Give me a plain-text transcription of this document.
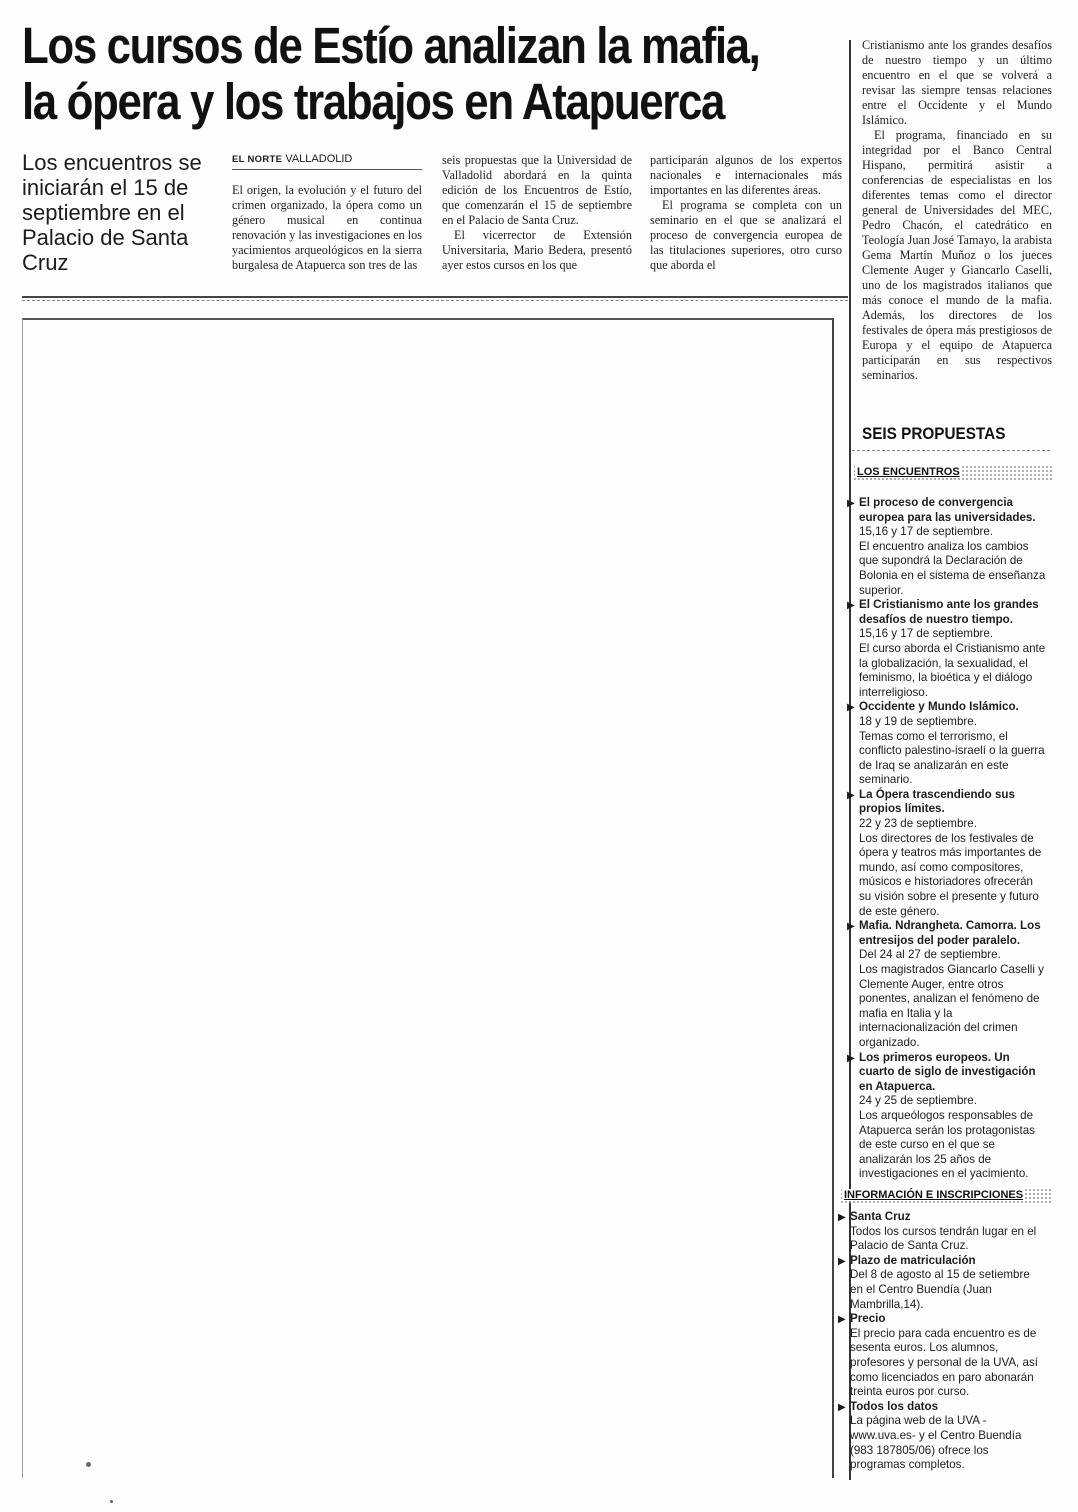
Los cursos de Estío analizan la mafia,
la ópera y los trabajos en Atapuerca
Los encuentros se iniciarán el 15 de septiembre en el Palacio de Santa Cruz
EL NORTE VALLADOLID

El origen, la evolución y el futuro del crimen organizado, la ópera como un género musical en continua renovación y las investigaciones en los yacimientos arqueológicos en la sierra burgalesa de Atapuerca son tres de las

seis propuestas que la Universidad de Valladolid abordará en la quinta edición de los Encuentros de Estío, que comenzarán el 15 de septiembre en el Palacio de Santa Cruz.

El vicerrector de Extensión Universitaria, Mario Bedera, presentó ayer estos cursos en los que

participarán algunos de los expertos nacionales e internacionales más importantes en las diferentes áreas.

El programa se completa con un seminario en el que se analizará el proceso de convergencia europea de las titulaciones superiores, otro curso que aborda el

Cristianismo ante los grandes desafíos de nuestro tiempo y un último encuentro en el que se volverá a revisar las siempre tensas relaciones entre el Occidente y el Mundo Islámico.

El programa, financiado en su integridad por el Banco Central Hispano, permitirá asistir a conferencias de especialistas en los diferentes temas como el director general de Universidades del MEC, Pedro Chacón, el catedrático en Teología Juan José Tamayo, la arabista Gema Martín Muñoz o los jueces Clemente Auger y Giancarlo Caselli, uno de los magistrados italianos que más conoce el mundo de la mafia. Además, los directores de los festivales de ópera más prestigiosos de Europa y el equipo de Atapuerca participarán en sus respectivos seminarios.

SEIS PROPUESTAS
LOS ENCUENTROS
▶ El proceso de convergencia europea para las universidades.
15,16 y 17 de septiembre.
El encuentro analiza los cambios que supondrá la Declaración de Bolonia en el sistema de enseñanza superior.
▶ El Cristianismo ante los grandes desafíos de nuestro tiempo.
15,16 y 17 de septiembre.
El curso aborda el Cristianismo ante la globalización, la sexualidad, el feminismo, la bioética y el diálogo interreligioso.
▶ Occidente y Mundo Islámico.
18 y 19 de septiembre.
Temas como el terrorismo, el conflicto palestino-israelí o la guerra de Iraq se analizarán en este seminario.
▶ La Ópera trascendiendo sus propios límites.
22 y 23 de septiembre.
Los directores de los festivales de ópera y teatros más importantes de mundo, así como compositores, músicos e historiadores ofrecerán su visión sobre el presente y futuro de este género.
▶ Mafia. Ndrangheta. Camorra. Los entresijos del poder paralelo.
Del 24 al 27 de septiembre.
Los magistrados Giancarlo Caselli y Clemente Auger, entre otros ponentes, analizan el fenómeno de mafia en Italia y la internacionalización del crimen organizado.
▶ Los primeros europeos. Un cuarto de siglo de investigación en Atapuerca.
24 y 25 de septiembre.
Los arqueólogos responsables de Atapuerca serán los protagonistas de este curso en el que se analizarán los 25 años de investigaciones en el yacimiento.
INFORMACIÓN E INSCRIPCIONES
▶ Santa Cruz
Todos los cursos tendrán lugar en el Palacio de Santa Cruz.
▶ Plazo de matriculación
Del 8 de agosto al 15 de setiembre en el Centro Buendía (Juan Mambrilla,14).
▶ Precio
El precio para cada encuentro es de sesenta euros. Los alumnos, profesores y personal de la UVA, así como licenciados en paro abonarán treinta euros por curso.
▶ Todos los datos
La página web de la UVA -www.uva.es- y el Centro Buendía (983 187805/06) ofrece los programas completos.
